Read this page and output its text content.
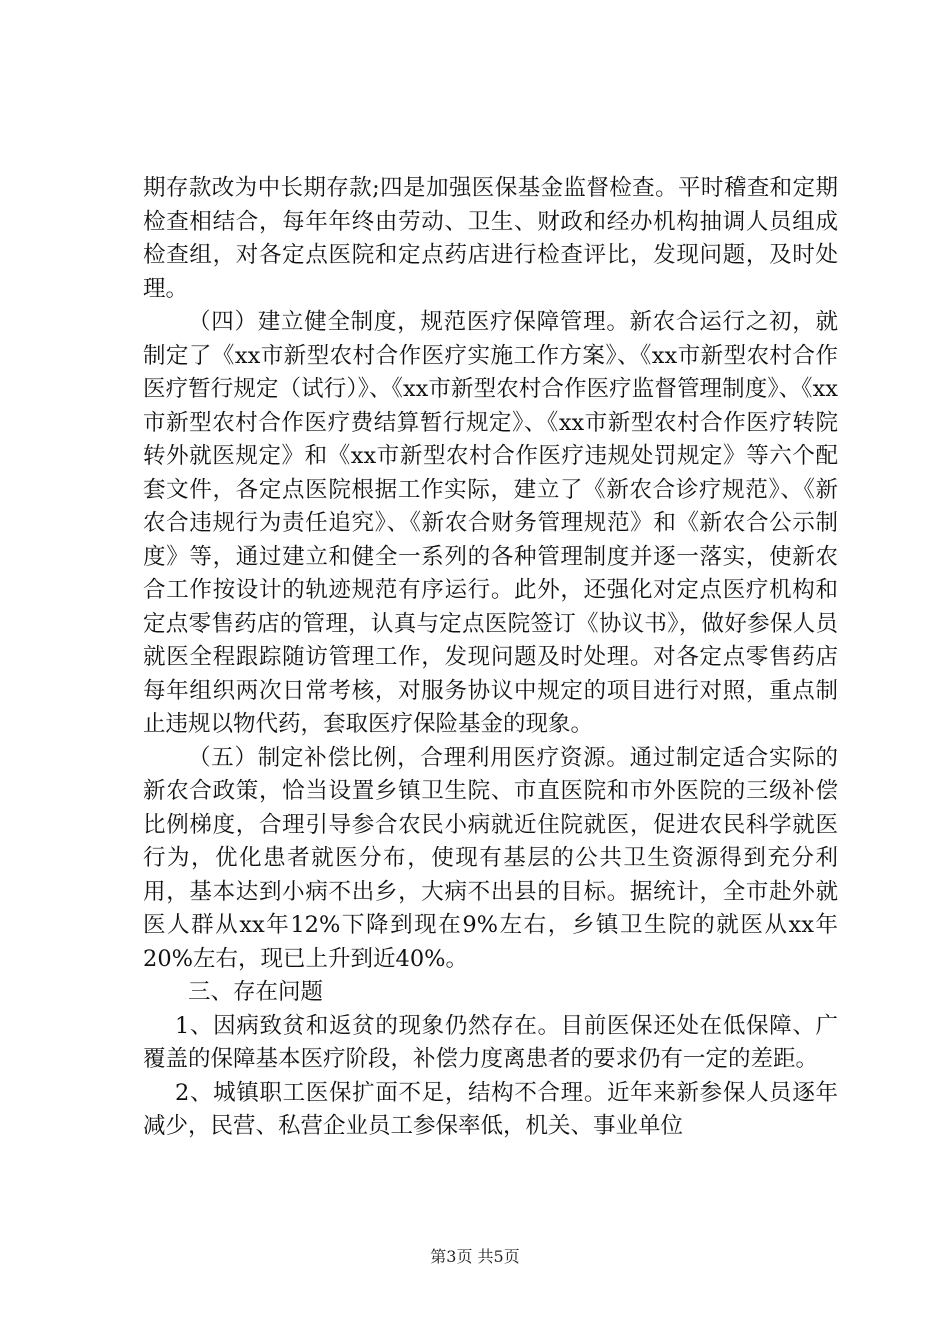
期存款改为中长期存款;四是加强医保基金监督检查。平时稽查和定期检查相结合，每年年终由劳动、卫生、财政和经办机构抽调人员组成检查组，对各定点医院和定点药店进行检查评比，发现问题，及时处理。

（四）建立健全制度，规范医疗保障管理。新农合运行之初，就制定了《xx市新型农村合作医疗实施工作方案》、《xx市新型农村合作医疗暂行规定（试行）》、《xx市新型农村合作医疗监督管理制度》、《xx市新型农村合作医疗费结算暂行规定》、《xx市新型农村合作医疗转院转外就医规定》和《xx市新型农村合作医疗违规处罚规定》等六个配套文件，各定点医院根据工作实际，建立了《新农合诊疗规范》、《新农合违规行为责任追究》、《新农合财务管理规范》和《新农合公示制度》等，通过建立和健全一系列的各种管理制度并逐一落实，使新农合工作按设计的轨迹规范有序运行。此外，还强化对定点医疗机构和定点零售药店的管理，认真与定点医院签订《协议书》，做好参保人员就医全程跟踪随访管理工作，发现问题及时处理。对各定点零售药店每年组织两次日常考核，对服务协议中规定的项目进行对照，重点制止违规以物代药，套取医疗保险基金的现象。

（五）制定补偿比例，合理利用医疗资源。通过制定适合实际的新农合政策，恰当设置乡镇卫生院、市直医院和市外医院的三级补偿比例梯度，合理引导参合农民小病就近住院就医，促进农民科学就医行为，优化患者就医分布，使现有基层的公共卫生资源得到充分利用，基本达到小病不出乡，大病不出县的目标。据统计，全市赴外就医人群从xx年12%下降到现在9%左右，乡镇卫生院的就医从xx年20%左右，现已上升到近40%。

三、存在问题

1、因病致贫和返贫的现象仍然存在。目前医保还处在低保障、广覆盖的保障基本医疗阶段，补偿力度离患者的要求仍有一定的差距。

2、城镇职工医保扩面不足，结构不合理。近年来新参保人员逐年减少，民营、私营企业员工参保率低，机关、事业单位

第3页 共5页
